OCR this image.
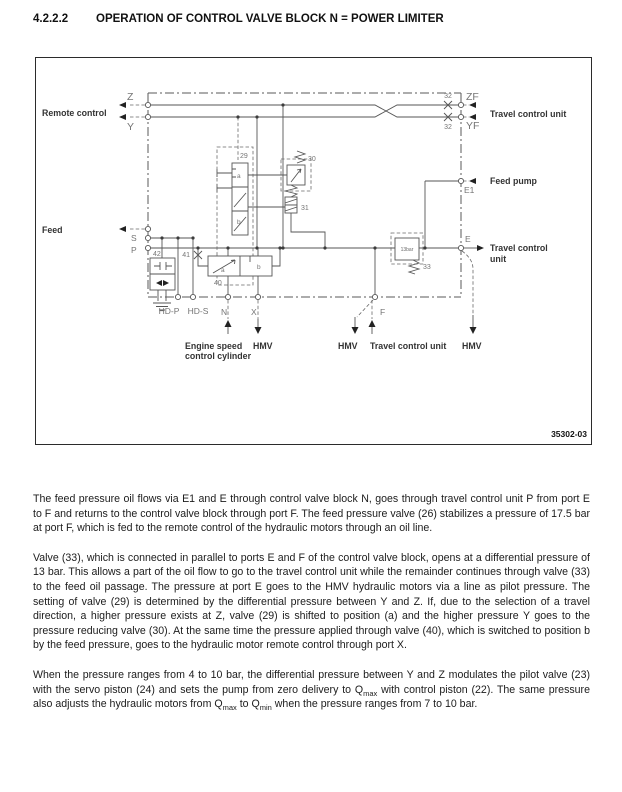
4.2.2.2	OPERATION OF CONTROL VALVE BLOCK N = POWER LIMITER
Z
Y
Remote control
ZF
YF
32
32
Travel control unit
Feed pump
E1
E
Travel control
unit
Feed
S
P
29	30
31
33
40
41
42
a
b
a	b
13bar
HD-P HD-S N	X	F
Engine speed
control cylinder
HMV	HMV Travel control unit HMV
35302-03

The feed pressure oil flows via E1 and E through control valve block N, goes through travel control unit P from port E to F and returns to the control valve block through port F. The feed pressure valve (26) stabilizes a pressure of 17.5 bar at port F, which is fed to the remote control of the hydraulic motors through an oil line.

Valve (33), which is connected in parallel to ports E and F of the control valve block, opens at a differential pressure of 13 bar. This allows a part of the oil flow to go to the travel control unit while the remainder continues through valve (33) to the feed oil passage. The pressure at port E goes to the HMV hydraulic motors via a line as pilot pressure. The setting of valve (29) is determined by the differential pressure between Y and Z. If, due to the selection of a travel direction, a higher pressure exists at Z, valve (29) is shifted to position (a) and the higher pressure Y goes to the pressure reducing valve (30). At the same time the pressure applied through valve (40), which is switched to position b by the feed pressure, goes to the hydraulic motor remote control through port X.

When the pressure ranges from 4 to 10 bar, the differential pressure between Y and Z modulates the pilot valve (23) with the servo piston (24) and sets the pump from zero delivery to $Q_{max}$ with control piston (22). The same pressure also adjusts the hydraulic motors from $Q_{max}$ to $Q_{min}$ when the pressure ranges from 7 to 10 bar.
